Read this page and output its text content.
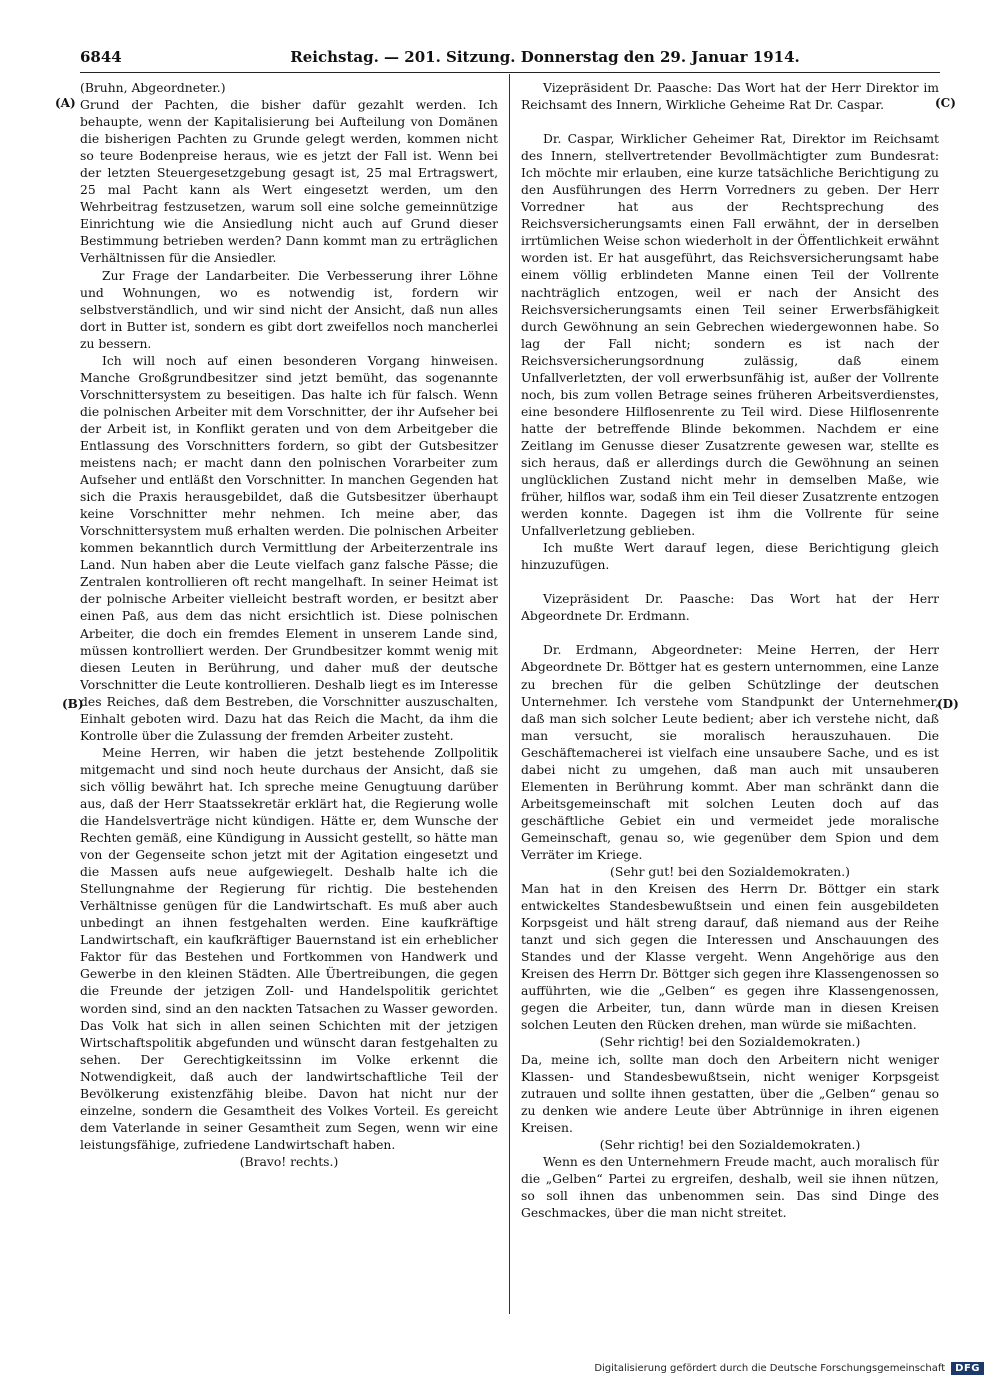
6844	Reichstag. — 201. Sitzung. Donnerstag den 29. Januar 1914.

(Bruhn, Abgeordneter.)

Grund der Pachten, die bisher dafür gezahlt werden. Ich behaupte, wenn der Kapitalisierung bei Aufteilung von Domänen die bisherigen Pachten zu Grunde gelegt werden, kommen nicht so teure Bodenpreise heraus, wie es jetzt der Fall ist. Wenn bei der letzten Steuergesetzgebung gesagt ist, 25 mal Ertragswert, 25 mal Pacht kann als Wert eingesetzt werden, um den Wehrbeitrag festzusetzen, warum soll eine solche gemeinnützige Einrichtung wie die Ansiedlung nicht auch auf Grund dieser Bestimmung betrieben werden? Dann kommt man zu erträglichen Verhältnissen für die Ansiedler.

Zur Frage der Landarbeiter. Die Verbesserung ihrer Löhne und Wohnungen, wo es notwendig ist, fordern wir selbstverständlich, und wir sind nicht der Ansicht, daß nun alles dort in Butter ist, sondern es gibt dort zweifellos noch mancherlei zu bessern.

Ich will noch auf einen besonderen Vorgang hinweisen. Manche Großgrundbesitzer sind jetzt bemüht, das sogenannte Vorschnittersystem zu beseitigen. Das halte ich für falsch. Wenn die polnischen Arbeiter mit dem Vorschnitter, der ihr Aufseher bei der Arbeit ist, in Konflikt geraten und von dem Arbeitgeber die Entlassung des Vorschnitters fordern, so gibt der Gutsbesitzer meistens nach; er macht dann den polnischen Vorarbeiter zum Aufseher und entläßt den Vorschnitter. In manchen Gegenden hat sich die Praxis herausgebildet, daß die Gutsbesitzer überhaupt keine Vorschnitter mehr nehmen. Ich meine aber, das Vorschnittersystem muß erhalten werden. Die polnischen Arbeiter kommen bekanntlich durch Vermittlung der Arbeiterzentrale ins Land. Nun haben aber die Leute vielfach ganz falsche Pässe; die Zentralen kontrollieren oft recht mangelhaft. In seiner Heimat ist der polnische Arbeiter vielleicht bestraft worden, er besitzt aber einen Paß, aus dem das nicht ersichtlich ist. Diese polnischen Arbeiter, die doch ein fremdes Element in unserem Lande sind, müssen kontrolliert werden. Der Grundbesitzer kommt wenig mit diesen Leuten in Berührung, und daher muß der deutsche Vorschnitter die Leute kontrollieren. Deshalb liegt es im Interesse des Reiches, daß dem Bestreben, die Vorschnitter auszuschalten, Einhalt geboten wird. Dazu hat das Reich die Macht, da ihm die Kontrolle über die Zulassung der fremden Arbeiter zusteht.

Meine Herren, wir haben die jetzt bestehende Zollpolitik mitgemacht und sind noch heute durchaus der Ansicht, daß sie sich völlig bewährt hat. Ich spreche meine Genugtuung darüber aus, daß der Herr Staatssekretär erklärt hat, die Regierung wolle die Handelsverträge nicht kündigen. Hätte er, dem Wunsche der Rechten gemäß, eine Kündigung in Aussicht gestellt, so hätte man von der Gegenseite schon jetzt mit der Agitation eingesetzt und die Massen aufs neue aufgewiegelt. Deshalb halte ich die Stellungnahme der Regierung für richtig. Die bestehenden Verhältnisse genügen für die Landwirtschaft. Es muß aber auch unbedingt an ihnen festgehalten werden. Eine kaufkräftige Landwirtschaft, ein kaufkräftiger Bauernstand ist ein erheblicher Faktor für das Bestehen und Fortkommen von Handwerk und Gewerbe in den kleinen Städten. Alle Übertreibungen, die gegen die Freunde der jetzigen Zoll- und Handelspolitik gerichtet worden sind, sind an den nackten Tatsachen zu Wasser geworden. Das Volk hat sich in allen seinen Schichten mit der jetzigen Wirtschaftspolitik abgefunden und wünscht daran festgehalten zu sehen. Der Gerechtigkeitssinn im Volke erkennt die Notwendigkeit, daß auch der landwirtschaftliche Teil der Bevölkerung existenzfähig bleibe. Davon hat nicht nur der einzelne, sondern die Gesamtheit des Volkes Vorteil. Es gereicht dem Vaterlande in seiner Gesamtheit zum Segen, wenn wir eine leistungsfähige, zufriedene Landwirtschaft haben.

(Bravo! rechts.)

Vizepräsident Dr. Paasche: Das Wort hat der Herr Direktor im Reichsamt des Innern, Wirkliche Geheime Rat Dr. Caspar.

Dr. Caspar, Wirklicher Geheimer Rat, Direktor im Reichsamt des Innern, stellvertretender Bevollmächtigter zum Bundesrat: Ich möchte mir erlauben, eine kurze tatsächliche Berichtigung zu den Ausführungen des Herrn Vorredners zu geben. Der Herr Vorredner hat aus der Rechtsprechung des Reichsversicherungsamts einen Fall erwähnt, der in derselben irrtümlichen Weise schon wiederholt in der Öffentlichkeit erwähnt worden ist. Er hat ausgeführt, das Reichsversicherungsamt habe einem völlig erblindeten Manne einen Teil der Vollrente nachträglich entzogen, weil er nach der Ansicht des Reichsversicherungsamts einen Teil seiner Erwerbsfähigkeit durch Gewöhnung an sein Gebrechen wiedergewonnen habe. So lag der Fall nicht; sondern es ist nach der Reichsversicherungsordnung zulässig, daß einem Unfallverletzten, der voll erwerbsunfähig ist, außer der Vollrente noch, bis zum vollen Betrage seines früheren Arbeitsverdienstes, eine besondere Hilflosenrente zu Teil wird. Diese Hilflosenrente hatte der betreffende Blinde bekommen. Nachdem er eine Zeitlang im Genusse dieser Zusatzrente gewesen war, stellte es sich heraus, daß er allerdings durch die Gewöhnung an seinen unglücklichen Zustand nicht mehr in demselben Maße, wie früher, hilflos war, sodaß ihm ein Teil dieser Zusatzrente entzogen werden konnte. Dagegen ist ihm die Vollrente für seine Unfallverletzung geblieben.

Ich mußte Wert darauf legen, diese Berichtigung gleich hinzuzufügen.

Vizepräsident Dr. Paasche: Das Wort hat der Herr Abgeordnete Dr. Erdmann.

Dr. Erdmann, Abgeordneter: Meine Herren, der Herr Abgeordnete Dr. Böttger hat es gestern unternommen, eine Lanze zu brechen für die gelben Schützlinge der deutschen Unternehmer. Ich verstehe vom Standpunkt der Unternehmer, daß man sich solcher Leute bedient; aber ich verstehe nicht, daß man versucht, sie moralisch herauszuhauen. Die Geschäftemacherei ist vielfach eine unsaubere Sache, und es ist dabei nicht zu umgehen, daß man auch mit unsauberen Elementen in Berührung kommt. Aber man schränkt dann die Arbeitsgemeinschaft mit solchen Leuten doch auf das geschäftliche Gebiet ein und vermeidet jede moralische Gemeinschaft, genau so, wie gegenüber dem Spion und dem Verräter im Kriege.

(Sehr gut! bei den Sozialdemokraten.)

Man hat in den Kreisen des Herrn Dr. Böttger ein stark entwickeltes Standesbewußtsein und einen fein ausgebildeten Korpsgeist und hält streng darauf, daß niemand aus der Reihe tanzt und sich gegen die Interessen und Anschauungen des Standes und der Klasse vergeht. Wenn Angehörige aus den Kreisen des Herrn Dr. Böttger sich gegen ihre Klassengenossen so aufführten, wie die „Gelben“ es gegen ihre Klassengenossen, gegen die Arbeiter, tun, dann würde man in diesen Kreisen solchen Leuten den Rücken drehen, man würde sie mißachten.

(Sehr richtig! bei den Sozialdemokraten.)

Da, meine ich, sollte man doch den Arbeitern nicht weniger Klassen- und Standesbewußtsein, nicht weniger Korpsgeist zutrauen und sollte ihnen gestatten, über die „Gelben“ genau so zu denken wie andere Leute über Abtrünnige in ihren eigenen Kreisen.

(Sehr richtig! bei den Sozialdemokraten.)

Wenn es den Unternehmern Freude macht, auch moralisch für die „Gelben“ Partei zu ergreifen, deshalb, weil sie ihnen nützen, so soll ihnen das unbenommen sein. Das sind Dinge des Geschmackes, über die man nicht streitet.

(A)
(B)
(C)
(D)
Digitalisierung gefördert durch die Deutsche Forschungsgemeinschaft	DFG
